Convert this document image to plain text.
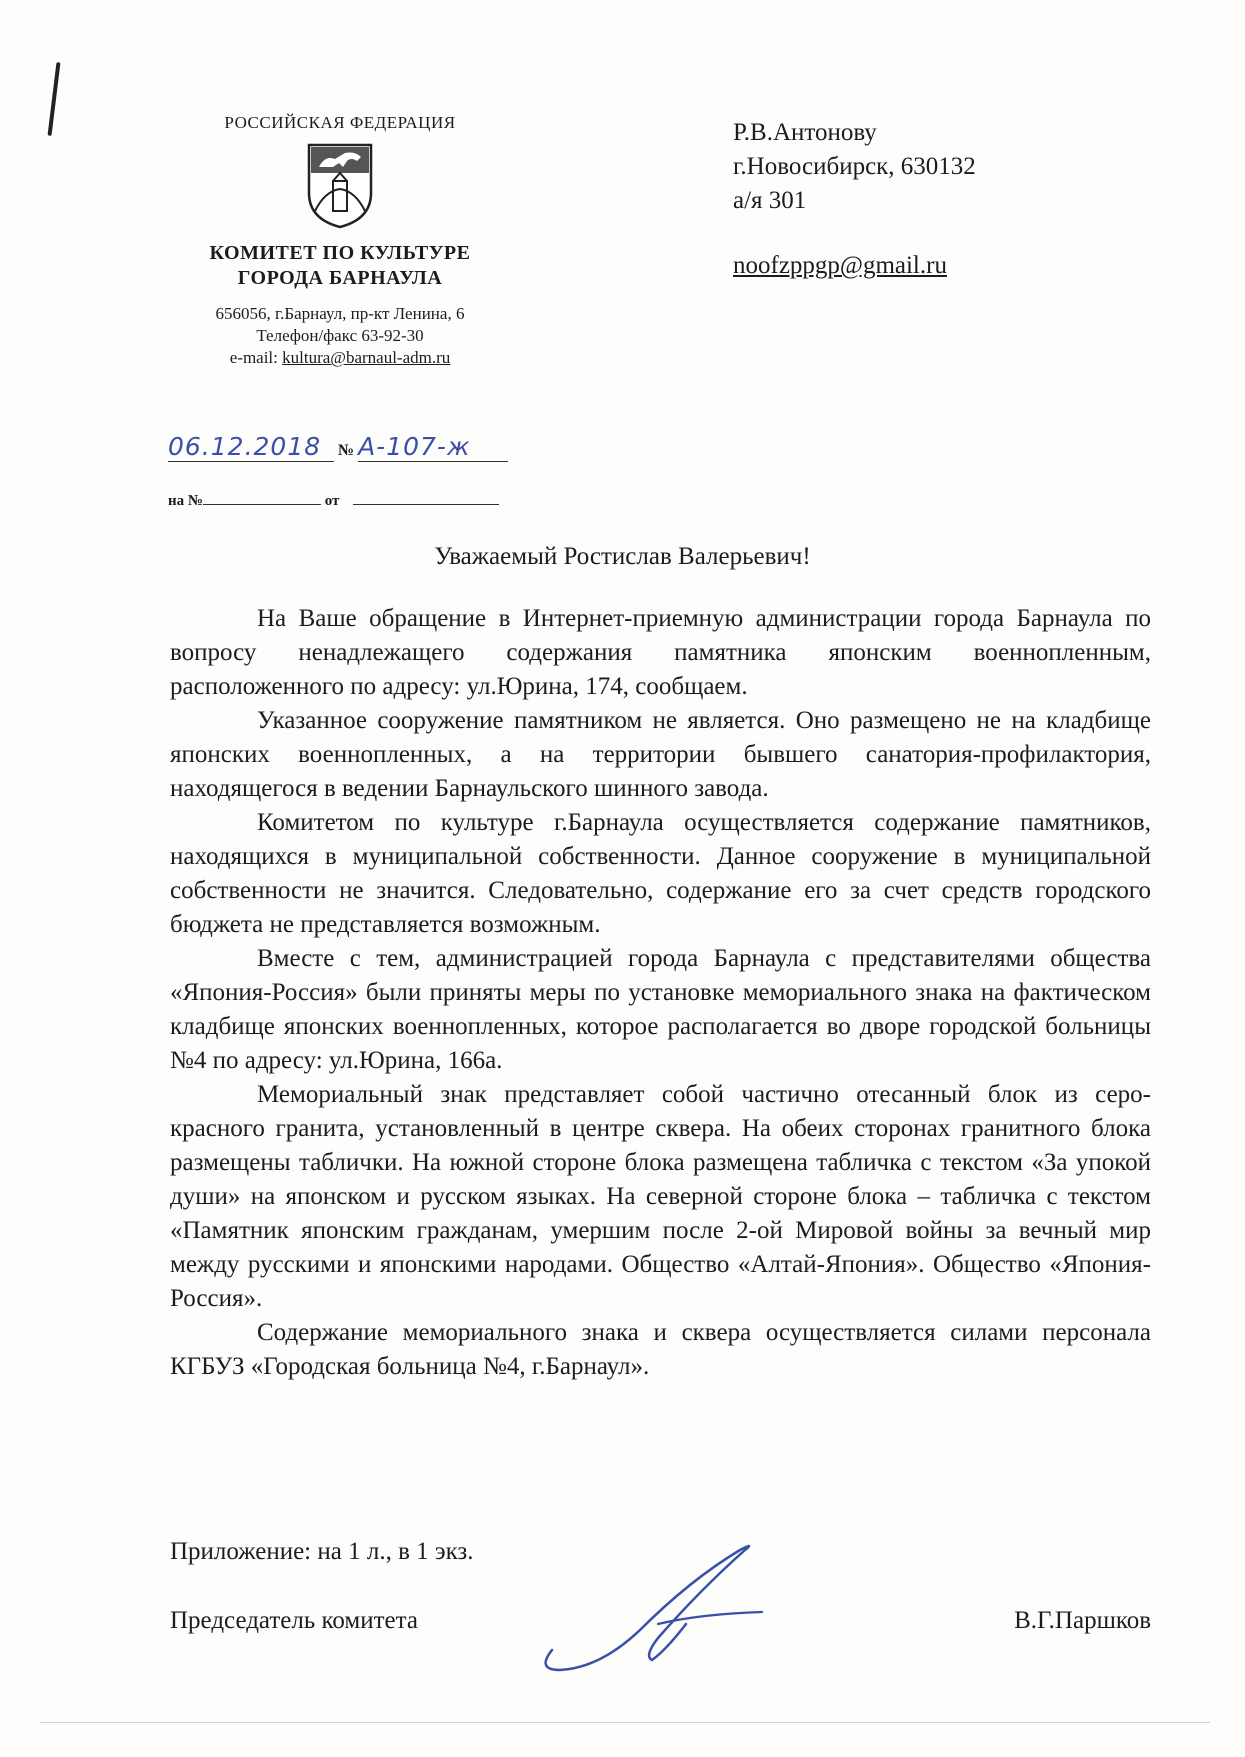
РОССИЙСКАЯ ФЕДЕРАЦИЯ
КОМИТЕТ ПО КУЛЬТУРЕ
ГОРОДА БАРНАУЛА
656056, г.Барнаул, пр-кт Ленина, 6
Телефон/факс 63-92-30
e-mail: kultura@barnaul-adm.ru
Р.В.Антонову
г.Новосибирск, 630132
а/я 301
noofzppgp@gmail.ru
06.12.2018 № А-107-ж
на №	от
Уважаемый Ростислав Валерьевич!

На Ваше обращение в Интернет-приемную администрации города Барнаула по вопросу ненадлежащего содержания памятника японским военнопленным, расположенного по адресу: ул.Юрина, 174, сообщаем.

Указанное сооружение памятником не является. Оно размещено не на кладбище японских военнопленных, а на территории бывшего санатория-профилактория, находящегося в ведении Барнаульского шинного завода.

Комитетом по культуре г.Барнаула осуществляется содержание памятников, находящихся в муниципальной собственности. Данное сооружение в муниципальной собственности не значится. Следовательно, содержание его за счет средств городского бюджета не представляется возможным.

Вместе с тем, администрацией города Барнаула с представителями общества «Япония-Россия» были приняты меры по установке мемориального знака на фактическом кладбище японских военнопленных, которое располагается во дворе городской больницы №4 по адресу: ул.Юрина, 166а.

Мемориальный знак представляет собой частично отесанный блок из серо-красного гранита, установленный в центре сквера. На обеих сторонах гранитного блока размещены таблички. На южной стороне блока размещена табличка с текстом «За упокой души» на японском и русском языках. На северной стороне блока – табличка с текстом «Памятник японским гражданам, умершим после 2-ой Мировой войны за вечный мир между русскими и японскими народами. Общество «Алтай-Япония». Общество «Япония-Россия».

Содержание мемориального знака и сквера осуществляется силами персонала КГБУЗ «Городская больница №4, г.Барнаул».

Приложение: на 1 л., в 1 экз.
Председатель комитета	В.Г.Паршков
